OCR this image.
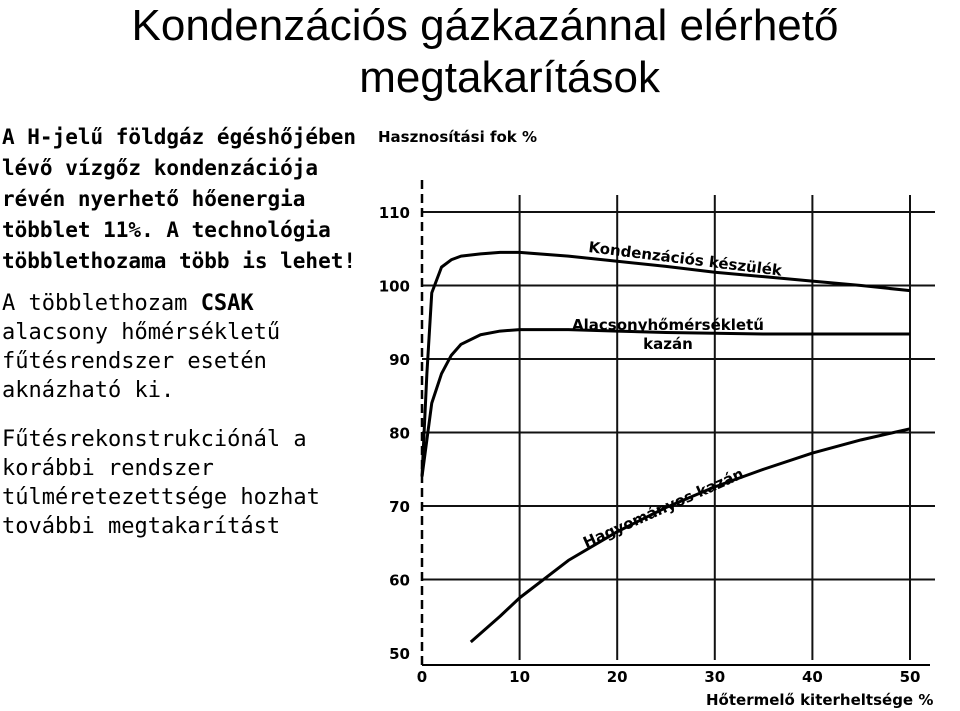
Kondenzációs gázkazánnal elérhető
megtakarítások
A H-jelű földgáz égéshőjében lévő vízgőz kondenzációja révén nyerhető hőenergia többlet 11%. A technológia többlethozama több is lehet!
A többlethozam CSAK alacsony hőmérsékletű fűtésrendszer esetén aknázható ki.
Fűtésrekonstrukciónál a korábbi rendszer túlméretezettsége hozhat további megtakarítást
50
60
70
80
90
100
110
0	10	20	30	40	50
Kondenzációs készülék
Alacsonyhőmérsékletű kazán
Hagyományos kazán
Hasznosítási fok %
Hőtermelő kiterheltsége %
